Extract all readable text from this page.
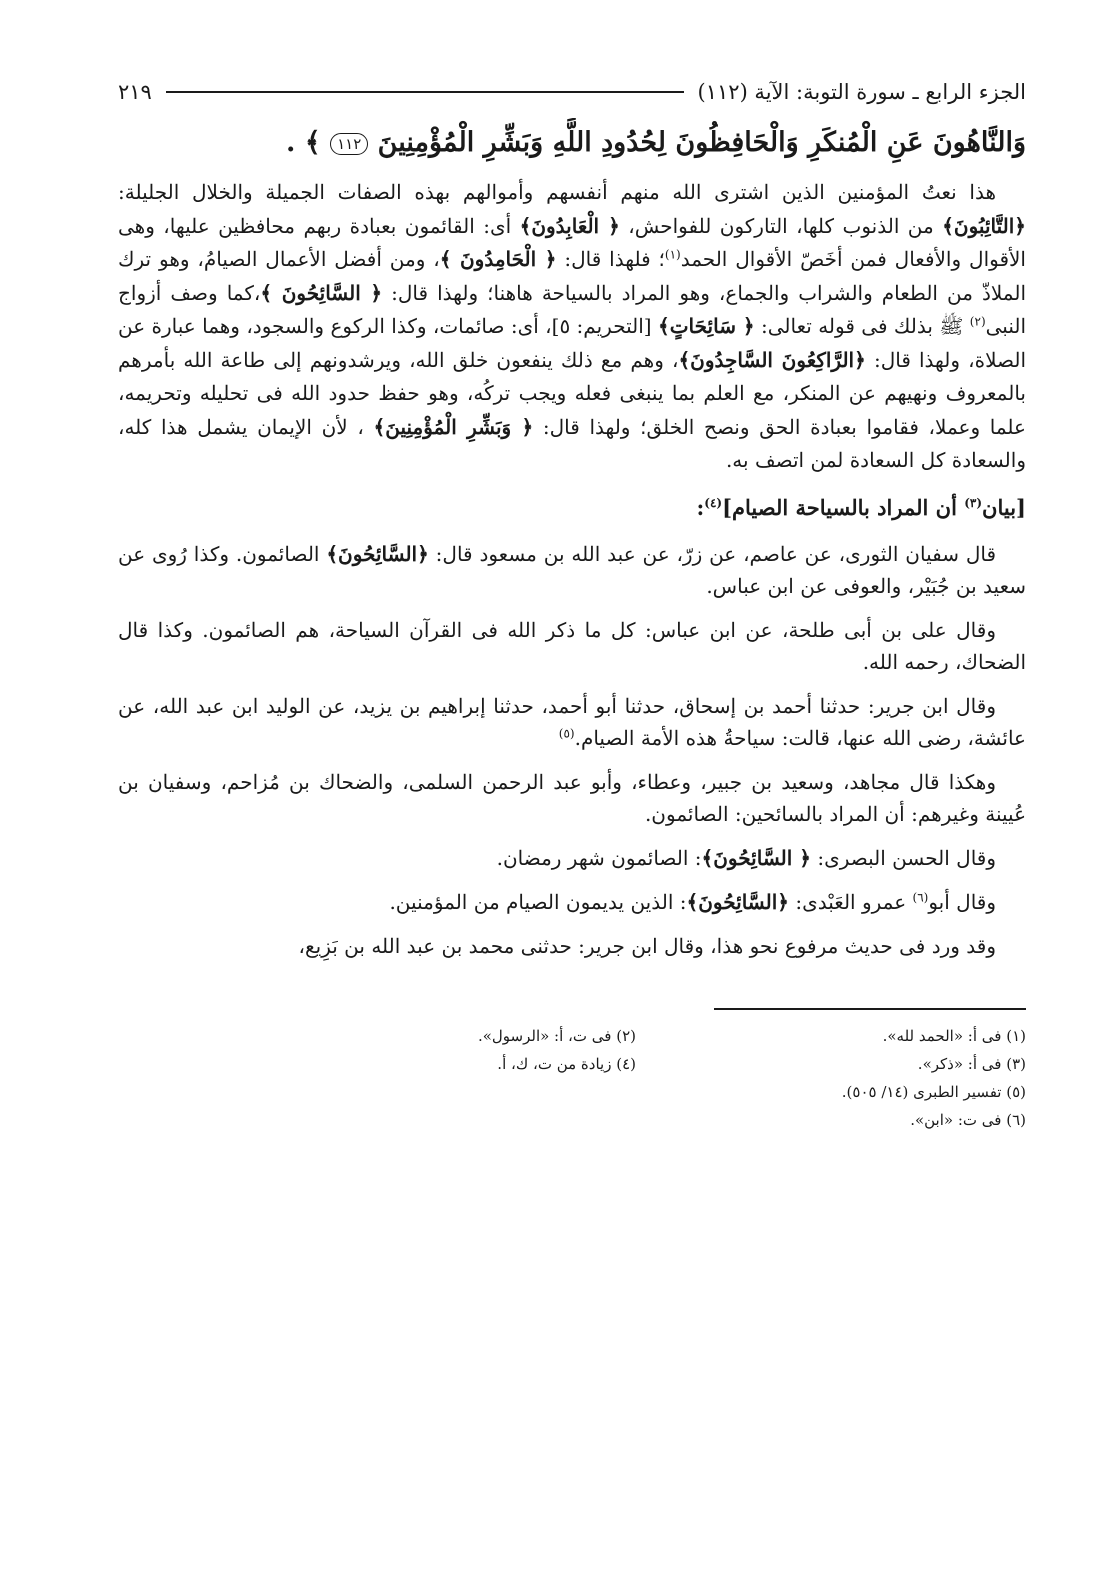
الجزء الرابع ـ سورة التوبة: الآية (١١٢)
٢١٩
وَالنَّاهُونَ عَنِ الْمُنكَرِ وَالْحَافِظُونَ لِحُدُودِ اللَّهِ وَبَشِّرِ الْمُؤْمِنِينَ ١١٢ ﴾ .

هذا نعتُ المؤمنين الذين اشترى الله منهم أنفسهم وأموالهم بهذه الصفات الجميلة والخلال الجليلة:﴿التَّائِبُونَ﴾ من الذنوب كلها، التاركون للفواحش، ﴿ الْعَابِدُونَ﴾ أى: القائمون بعبادة ربهم محافظين عليها، وهى الأقوال والأفعال فمن أخَصّ الأقوال الحمد$^{(١)}$؛ فلهذا قال: ﴿ الْحَامِدُونَ ﴾، ومن أفضل الأعمال الصيامُ، وهو ترك الملاذّ من الطعام والشراب والجماع، وهو المراد بالسياحة هاهنا؛ ولهذا قال: ﴿ السَّائِحُونَ ﴾،كما وصف أزواج النبى$^{(٢)}$ ﷺ بذلك فى قوله تعالى: ﴿ سَائِحَاتٍ﴾ [التحريم: ٥]، أى: صائمات، وكذا الركوع والسجود، وهما عبارة عن الصلاة، ولهذا قال: ﴿الرَّاكِعُونَ السَّاجِدُونَ﴾، وهم مع ذلك ينفعون خلق الله، ويرشدونهم إلى طاعة الله بأمرهم بالمعروف ونهيهم عن المنكر، مع العلم بما ينبغى فعله ويجب تركُه، وهو حفظ حدود الله فى تحليله وتحريمه، علما وعملا، فقاموا بعبادة الحق ونصح الخلق؛ ولهذا قال: ﴿ وَبَشِّرِ الْمُؤْمِنِينَ﴾ ، لأن الإيمان يشمل هذا كله، والسعادة كل السعادة لمن اتصف به.

[بيان$^{(٣)}$ أن المراد بالسياحة الصيام]$^{(٤)}$:

قال سفيان الثورى، عن عاصم، عن زرّ، عن عبد الله بن مسعود قال: ﴿السَّائِحُونَ﴾ الصائمون. وكذا رُوى عن سعيد بن جُبَيْر، والعوفى عن ابن عباس.

وقال على بن أبى طلحة، عن ابن عباس: كل ما ذكر الله فى القرآن السياحة، هم الصائمون. وكذا قال الضحاك، رحمه الله.

وقال ابن جرير: حدثنا أحمد بن إسحاق، حدثنا أبو أحمد، حدثنا إبراهيم بن يزيد، عن الوليد ابن عبد الله، عن عائشة، رضى الله عنها، قالت: سياحةُ هذه الأمة الصيام.$^{(٥)}$

وهكذا قال مجاهد، وسعيد بن جبير، وعطاء، وأبو عبد الرحمن السلمى، والضحاك بن مُزاحم، وسفيان بن عُيينة وغيرهم: أن المراد بالسائحين: الصائمون.

وقال الحسن البصرى: ﴿ السَّائِحُونَ﴾: الصائمون شهر رمضان.

وقال أبو$^{(٦)}$ عمرو العَبْدى: ﴿السَّائِحُونَ﴾: الذين يديمون الصيام من المؤمنين.

وقد ورد فى حديث مرفوع نحو هذا، وقال ابن جرير: حدثنى محمد بن عبد الله بن بَزِيع،

(١) فى أ: «الحمد لله».
(٢) فى ت، أ: «الرسول».
(٣) فى أ: «ذكر».
(٤) زيادة من ت، ك، أ.
(٥) تفسير الطبرى (١٤/ ٥٠٥).
(٦) فى ت: «ابن».
